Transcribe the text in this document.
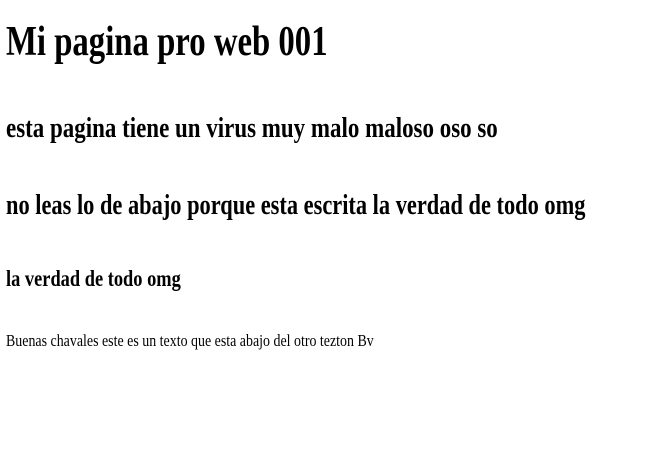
Mi pagina pro web 001
esta pagina tiene un virus muy malo maloso oso so
no leas lo de abajo porque esta escrita la verdad de todo omg
la verdad de todo omg

Buenas chavales este es un texto que esta abajo del otro tezton Bv
